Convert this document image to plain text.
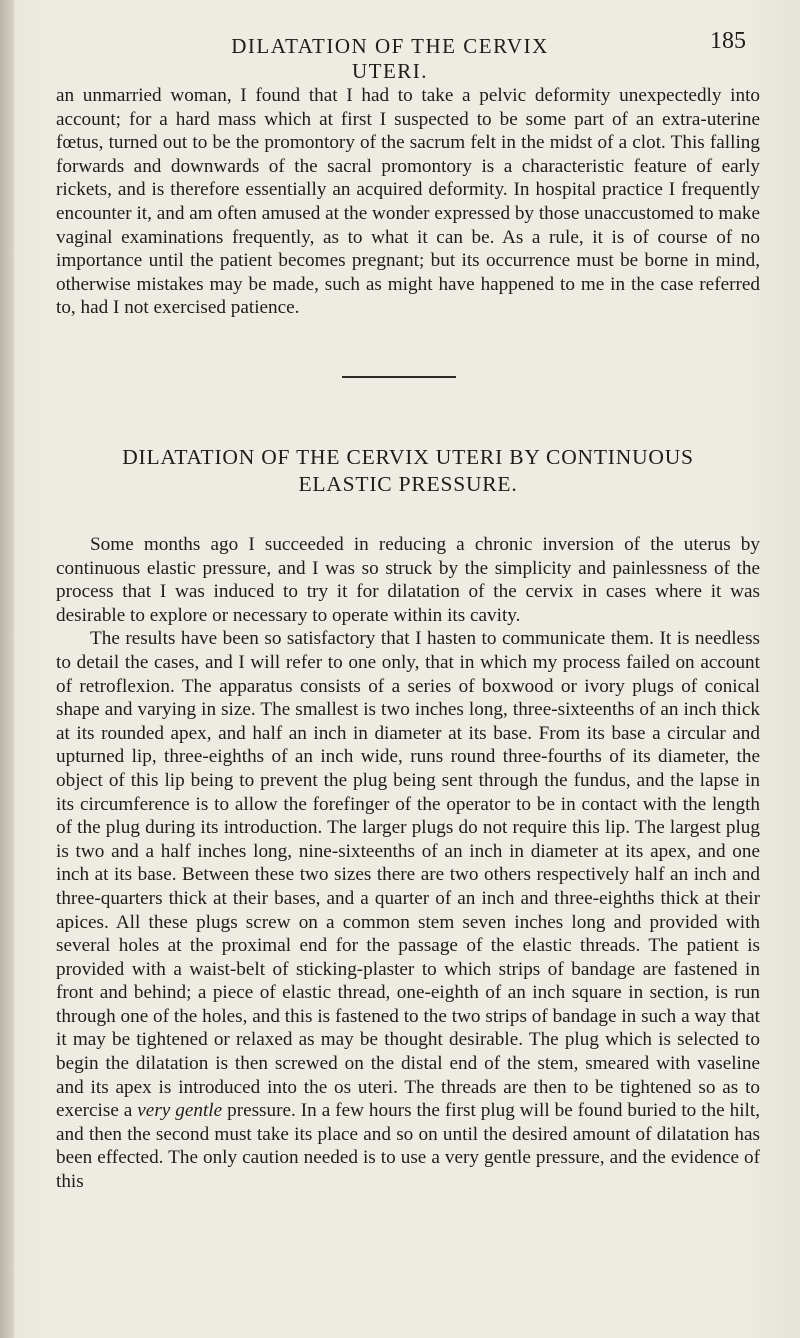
DILATATION OF THE CERVIX UTERI.
185

an unmarried woman, I found that I had to take a pelvic deformity unexpectedly into account; for a hard mass which at first I suspected to be some part of an extra-uterine fœtus, turned out to be the promontory of the sacrum felt in the midst of a clot. This falling forwards and downwards of the sacral promontory is a characteristic feature of early rickets, and is therefore essentially an acquired deformity. In hospital practice I frequently encounter it, and am often amused at the wonder expressed by those unaccustomed to make vaginal examinations frequently, as to what it can be. As a rule, it is of course of no importance until the patient becomes pregnant; but its occurrence must be borne in mind, otherwise mistakes may be made, such as might have happened to me in the case referred to, had I not exercised patience.

DILATATION OF THE CERVIX UTERI BY CONTINUOUS
ELASTIC PRESSURE.

Some months ago I succeeded in reducing a chronic inversion of the uterus by continuous elastic pressure, and I was so struck by the simplicity and painlessness of the process that I was induced to try it for dilatation of the cervix in cases where it was desirable to explore or necessary to operate within its cavity.

The results have been so satisfactory that I hasten to communicate them. It is needless to detail the cases, and I will refer to one only, that in which my process failed on account of retroflexion. The apparatus consists of a series of boxwood or ivory plugs of conical shape and varying in size. The smallest is two inches long, three-sixteenths of an inch thick at its rounded apex, and half an inch in diameter at its base. From its base a circular and upturned lip, three-eighths of an inch wide, runs round three-fourths of its diameter, the object of this lip being to prevent the plug being sent through the fundus, and the lapse in its circumference is to allow the forefinger of the operator to be in contact with the length of the plug during its introduction. The larger plugs do not require this lip. The largest plug is two and a half inches long, nine-sixteenths of an inch in diameter at its apex, and one inch at its base. Between these two sizes there are two others respectively half an inch and three-quarters thick at their bases, and a quarter of an inch and three-eighths thick at their apices. All these plugs screw on a common stem seven inches long and provided with several holes at the proximal end for the passage of the elastic threads. The patient is provided with a waist-belt of sticking-plaster to which strips of bandage are fastened in front and behind; a piece of elastic thread, one-eighth of an inch square in section, is run through one of the holes, and this is fastened to the two strips of bandage in such a way that it may be tightened or relaxed as may be thought desirable. The plug which is selected to begin the dilatation is then screwed on the distal end of the stem, smeared with vaseline and its apex is introduced into the os uteri. The threads are then to be tightened so as to exercise a very gentle pressure. In a few hours the first plug will be found buried to the hilt, and then the second must take its place and so on until the desired amount of dilatation has been effected. The only caution needed is to use a very gentle pressure, and the evidence of this
